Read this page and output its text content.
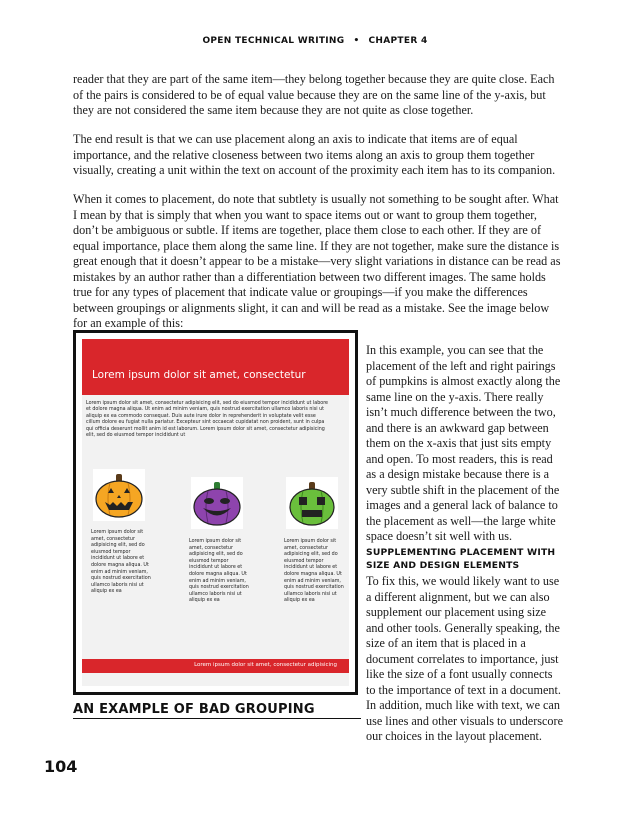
OPEN TECHNICAL WRITING • CHAPTER 4

reader that they are part of the same item—they belong together because they are quite close. Each of the pairs is considered to be of equal value because they are on the same line of the y-axis, but they are not considered the same item because they are not quite as close together.

The end result is that we can use placement along an axis to indicate that items are of equal importance, and the relative closeness between two items along an axis to group them together visually, creating a unit within the text on account of the proximity each item has to its companion.

When it comes to placement, do note that subtlety is usually not something to be sought after. What I mean by that is simply that when you want to space items out or want to group them together, don’t be ambiguous or subtle. If items are together, place them close to each other. If they are of equal importance, place them along the same line. If they are not together, make sure the distance is great enough that it doesn’t appear to be a mistake—very slight variations in distance can be read as mistakes by an author rather than a differentiation between two different images. The same holds true for any types of placement that indicate value or groupings—if you make the differences between groupings or alignments slight, it can and will be read as a mistake. See the image below for an example of this:

Lorem ipsum dolor sit amet, consectetur

Lorem ipsum dolor sit amet, consectetur adipisicing elit, sed do eiusmod tempor incididunt ut labore et dolore magna aliqua. Ut enim ad minim veniam, quis nostrud exercitation ullamco laboris nisi ut aliquip ex ea commodo consequat. Duis aute irure dolor in reprehenderit in voluptate velit esse cillum dolore eu fugiat nulla pariatur. Excepteur sint occaecat cupidatat non proident, sunt in culpa qui officia deserunt mollit anim id est laborum. Lorem ipsum dolor sit amet, consectetur adipisicing elit, sed do eiusmod tempor incididunt ut

Lorem ipsum dolor sit amet, consectetur adipisicing elit, sed do eiusmod tempor incididunt ut labore et dolore magna aliqua. Ut enim ad minim veniam, quis nostrud exercitation ullamco laboris nisi ut aliquip ex ea

Lorem ipsum dolor sit amet, consectetur adipisicing elit, sed do eiusmod tempor incididunt ut labore et dolore magna aliqua. Ut enim ad minim veniam, quis nostrud exercitation ullamco laboris nisi ut aliquip ex ea

Lorem ipsum dolor sit amet, consectetur adipisicing elit, sed do eiusmod tempor incididunt ut labore et dolore magna aliqua. Ut enim ad minim veniam, quis nostrud exercitation ullamco laboris nisi ut aliquip ex ea

Lorem ipsum dolor sit amet, consectetur adipisicing
AN EXAMPLE OF BAD GROUPING

In this example, you can see that the placement of the left and right pairings of pumpkins is almost exactly along the same line on the y-axis. There really isn’t much difference between the two, and there is an awkward gap between them on the x-axis that just sits empty and open. To most readers, this is read as a design mistake because there is a very subtle shift in the placement of the images and a general lack of balance to the placement as well—the large white space doesn’t sit well with us.

SUPPLEMENTING PLACEMENT WITH SIZE AND DESIGN ELEMENTS

To fix this, we would likely want to use a different alignment, but we can also supplement our placement using size and other tools. Generally speaking, the size of an item that is placed in a document correlates to importance, just like the size of a font usually connects to the importance of text in a document. In addition, much like with text, we can use lines and other visuals to underscore our choices in the layout placement.

104
